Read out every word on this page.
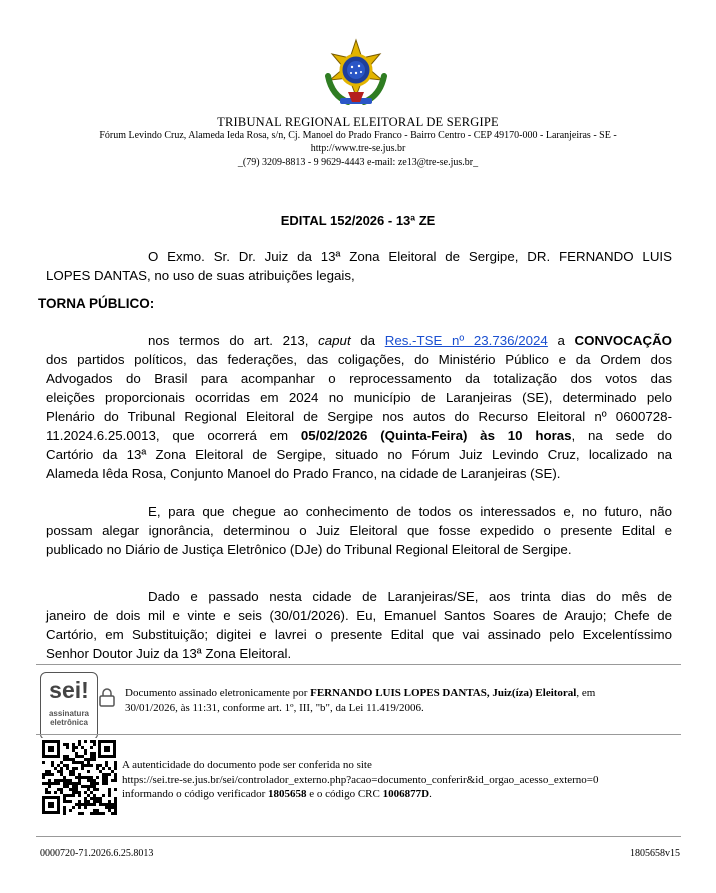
TRIBUNAL REGIONAL ELEITORAL DE SERGIPE
Fórum Levindo Cruz, Alameda Ieda Rosa, s/n, Cj. Manoel do Prado Franco - Bairro Centro - CEP 49170-000 - Laranjeiras - SE -
http://www.tre-se.jus.br
_(79) 3209-8813 - 9 9629-4443 e-mail: ze13@tre-se.jus.br_
EDITAL 152/2026 - 13ª ZE
O Exmo. Sr. Dr. Juiz da 13ª Zona Eleitoral de Sergipe, DR. FERNANDO LUIS
LOPES DANTAS, no uso de suas atribuições legais,
TORNA PÚBLICO:
nos termos do art. 213, caput da Res.-TSE nº 23.736/2024 a CONVOCAÇÃO
dos partidos políticos, das federações, das coligações, do Ministério Público e da Ordem dos
Advogados do Brasil para acompanhar o reprocessamento da totalização dos votos das
eleições proporcionais ocorridas em 2024 no município de Laranjeiras (SE), determinado pelo
Plenário do Tribunal Regional Eleitoral de Sergipe nos autos do Recurso Eleitoral nº 0600728-
11.2024.6.25.0013, que ocorrerá em 05/02/2026 (Quinta-Feira) às 10 horas, na sede do
Cartório da 13ª Zona Eleitoral de Sergipe, situado no Fórum Juiz Levindo Cruz, localizado na
Alameda Iêda Rosa, Conjunto Manoel do Prado Franco, na cidade de Laranjeiras (SE).
E, para que chegue ao conhecimento de todos os interessados e, no futuro, não
possam alegar ignorância, determinou o Juiz Eleitoral que fosse expedido o presente Edital e
publicado no Diário de Justiça Eletrônico (DJe) do Tribunal Regional Eleitoral de Sergipe.
Dado e passado nesta cidade de Laranjeiras/SE, aos trinta dias do mês de
janeiro de dois mil e vinte e seis (30/01/2026). Eu, Emanuel Santos Soares de Araujo; Chefe de
Cartório, em Substituição; digitei e lavrei o presente Edital que vai assinado pelo Excelentíssimo
Senhor Doutor Juiz da 13ª Zona Eleitoral.
sei!
assinatura
eletrônica
Documento assinado eletronicamente por FERNANDO LUIS LOPES DANTAS, Juiz(íza) Eleitoral, em
30/01/2026, às 11:31, conforme art. 1º, III, "b", da Lei 11.419/2006.
A autenticidade do documento pode ser conferida no site
https://sei.tre-se.jus.br/sei/controlador_externo.php?acao=documento_conferir&id_orgao_acesso_externo=0
informando o código verificador 1805658 e o código CRC 1006877D.
0000720-71.2026.6.25.8013	1805658v15
